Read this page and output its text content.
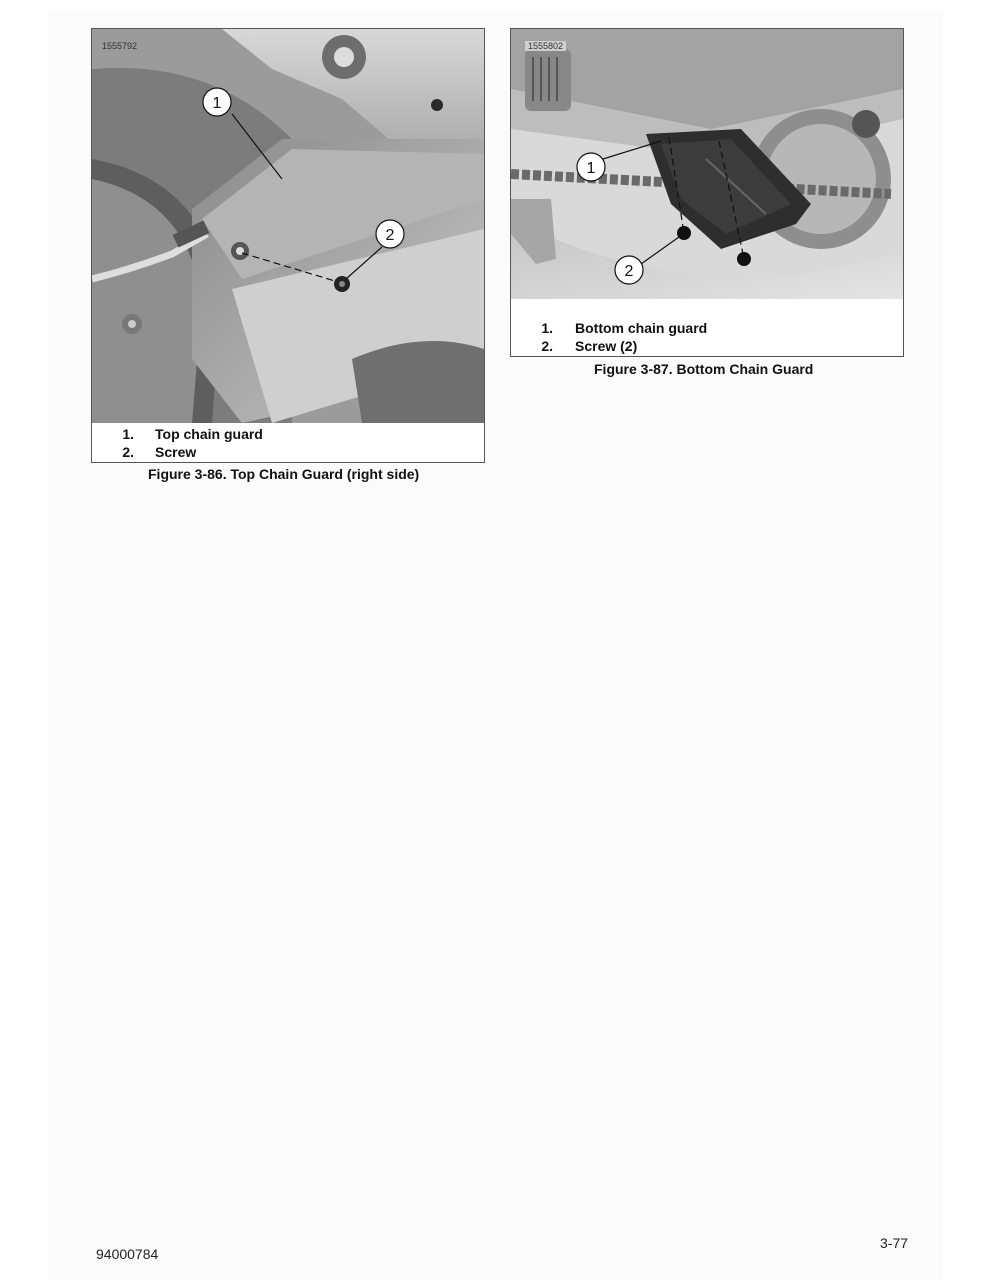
1
2
1555792
1. Top chain guard
2. Screw
Figure 3-86. Top Chain Guard (right side)
1
2
1555802
1. Bottom chain guard
2. Screw (2)
Figure 3-87. Bottom Chain Guard
94000784
3-77
